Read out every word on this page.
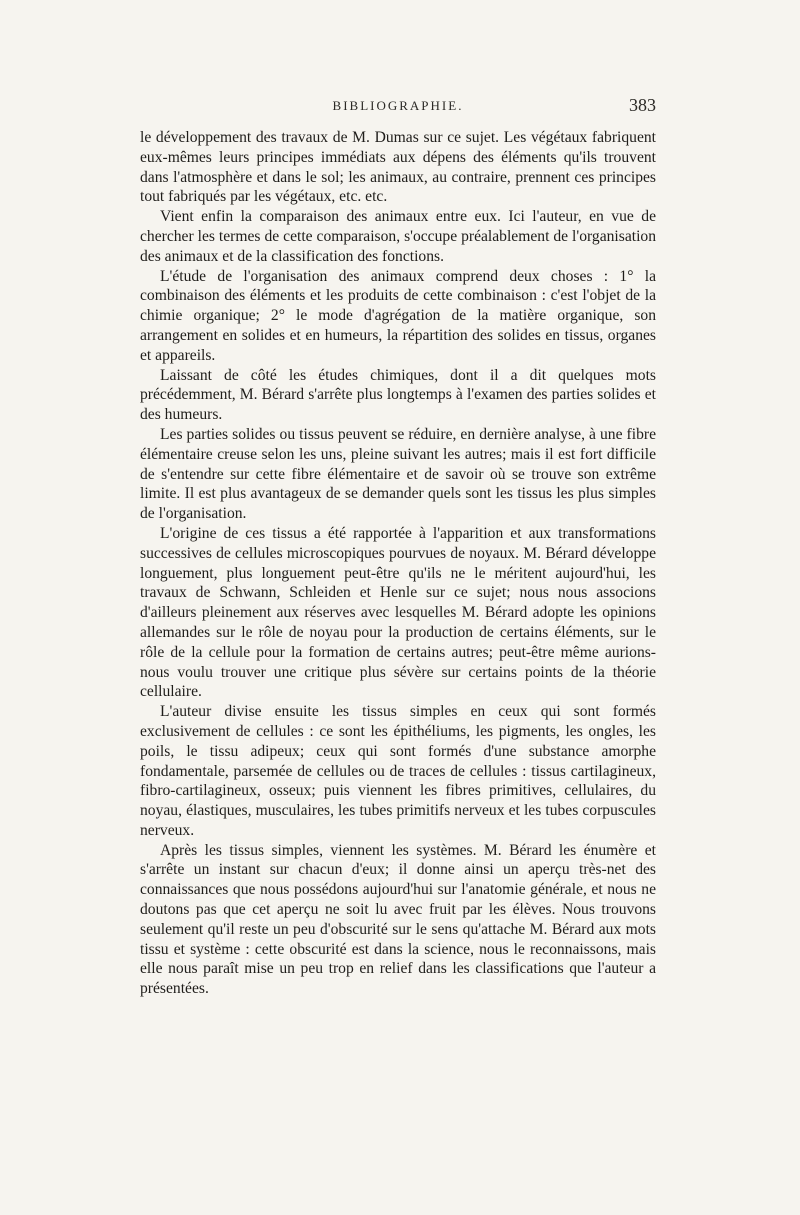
BIBLIOGRAPHIE.	383

le développement des travaux de M. Dumas sur ce sujet. Les végétaux fabriquent eux-mêmes leurs principes immédiats aux dépens des éléments qu'ils trouvent dans l'atmosphère et dans le sol; les animaux, au contraire, prennent ces principes tout fabriqués par les végétaux, etc. etc.

Vient enfin la comparaison des animaux entre eux. Ici l'auteur, en vue de chercher les termes de cette comparaison, s'occupe préalablement de l'organisation des animaux et de la classification des fonctions.

L'étude de l'organisation des animaux comprend deux choses : 1° la combinaison des éléments et les produits de cette combinaison : c'est l'objet de la chimie organique; 2° le mode d'agrégation de la matière organique, son arrangement en solides et en humeurs, la répartition des solides en tissus, organes et appareils.

Laissant de côté les études chimiques, dont il a dit quelques mots précédemment, M. Bérard s'arrête plus longtemps à l'examen des parties solides et des humeurs.

Les parties solides ou tissus peuvent se réduire, en dernière analyse, à une fibre élémentaire creuse selon les uns, pleine suivant les autres; mais il est fort difficile de s'entendre sur cette fibre élémentaire et de savoir où se trouve son extrême limite. Il est plus avantageux de se demander quels sont les tissus les plus simples de l'organisation.

L'origine de ces tissus a été rapportée à l'apparition et aux transformations successives de cellules microscopiques pourvues de noyaux. M. Bérard développe longuement, plus longuement peut-être qu'ils ne le méritent aujourd'hui, les travaux de Schwann, Schleiden et Henle sur ce sujet; nous nous associons d'ailleurs pleinement aux réserves avec lesquelles M. Bérard adopte les opinions allemandes sur le rôle de noyau pour la production de certains éléments, sur le rôle de la cellule pour la formation de certains autres; peut-être même aurions-nous voulu trouver une critique plus sévère sur certains points de la théorie cellulaire.

L'auteur divise ensuite les tissus simples en ceux qui sont formés exclusivement de cellules : ce sont les épithéliums, les pigments, les ongles, les poils, le tissu adipeux; ceux qui sont formés d'une substance amorphe fondamentale, parsemée de cellules ou de traces de cellules : tissus cartilagineux, fibro-cartilagineux, osseux; puis viennent les fibres primitives, cellulaires, du noyau, élastiques, musculaires, les tubes primitifs nerveux et les tubes corpuscules nerveux.

Après les tissus simples, viennent les systèmes. M. Bérard les énumère et s'arrête un instant sur chacun d'eux; il donne ainsi un aperçu très-net des connaissances que nous possédons aujourd'hui sur l'anatomie générale, et nous ne doutons pas que cet aperçu ne soit lu avec fruit par les élèves. Nous trouvons seulement qu'il reste un peu d'obscurité sur le sens qu'attache M. Bérard aux mots tissu et système : cette obscurité est dans la science, nous le reconnaissons, mais elle nous paraît mise un peu trop en relief dans les classifications que l'auteur a présentées.
